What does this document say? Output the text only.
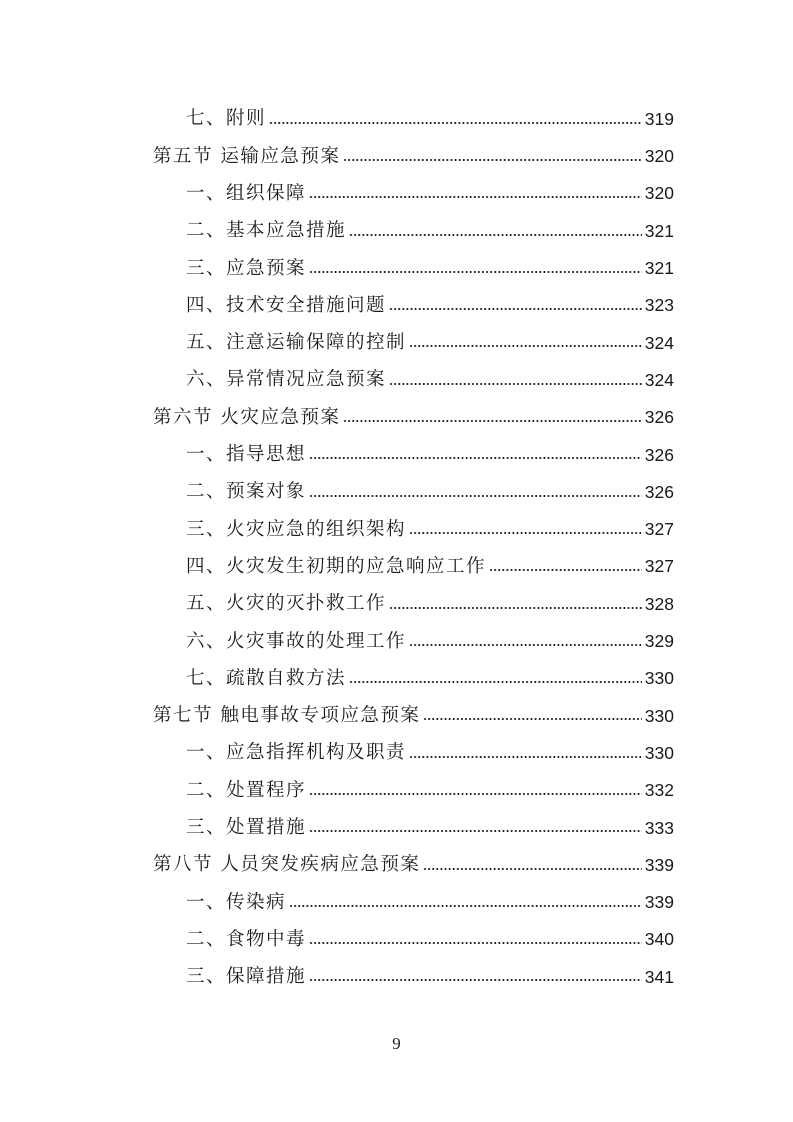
七、附则	319
第五节 运输应急预案	320
一、组织保障	320
二、基本应急措施	321
三、应急预案	321
四、技术安全措施问题	323
五、注意运输保障的控制	324
六、异常情况应急预案	324
第六节 火灾应急预案	326
一、指导思想	326
二、预案对象	326
三、火灾应急的组织架构	327
四、火灾发生初期的应急响应工作	327
五、火灾的灭扑救工作	328
六、火灾事故的处理工作	329
七、疏散自救方法	330
第七节 触电事故专项应急预案	330
一、应急指挥机构及职责	330
二、处置程序	332
三、处置措施	333
第八节 人员突发疾病应急预案	339
一、传染病	339
二、食物中毒	340
三、保障措施	341
9
